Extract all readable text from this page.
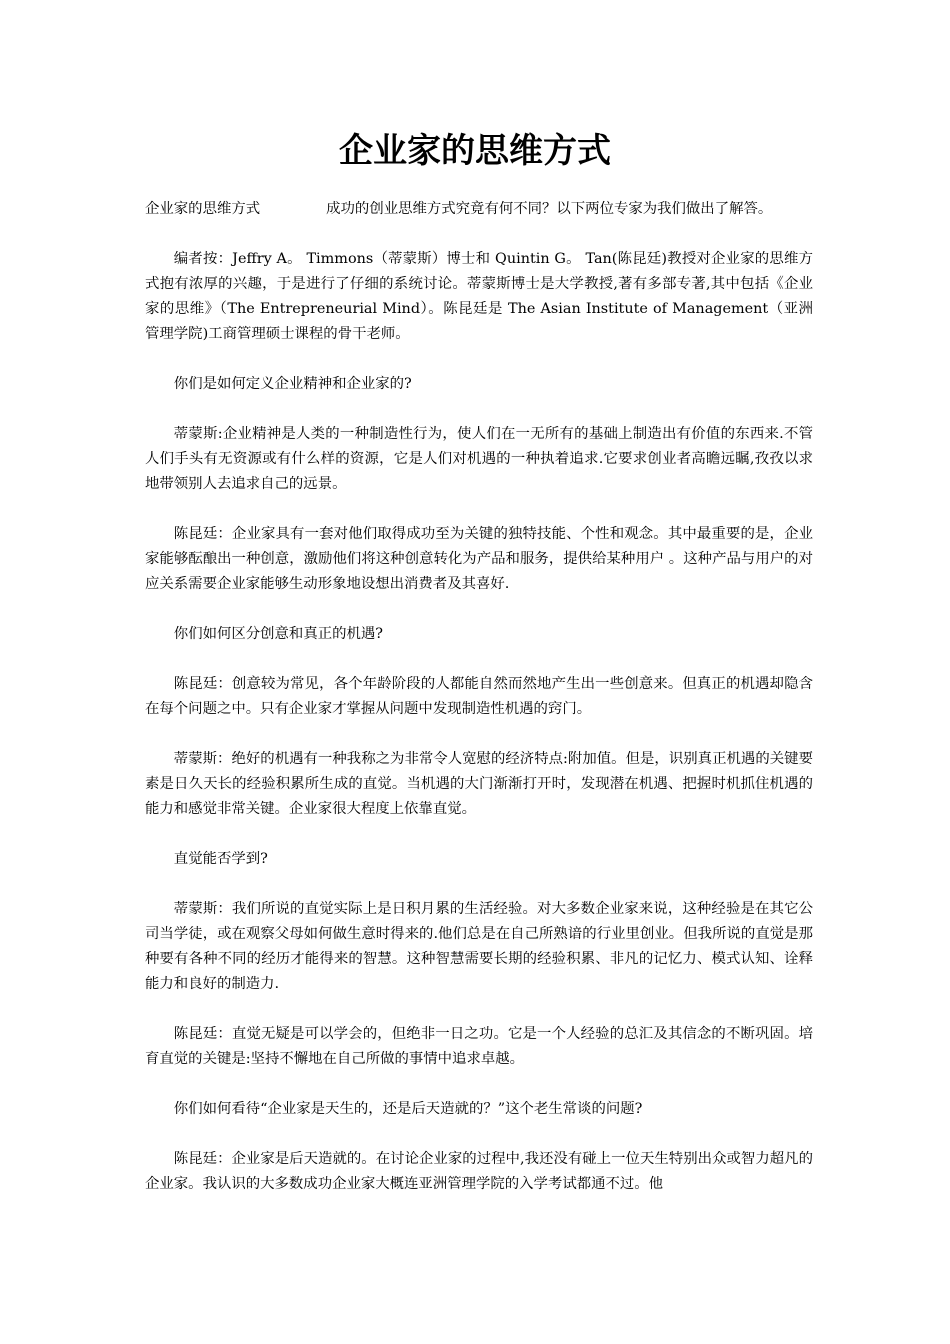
企业家的思维方式

企业家的思维方式	成功的创业思维方式究竟有何不同？以下两位专家为我们做出了解答。

编者按：Jeffry A。 Timmons（蒂蒙斯）博士和 Quintin G。 Tan(陈昆廷)教授对企业家的思维方式抱有浓厚的兴趣，于是进行了仔细的系统讨论。蒂蒙斯博士是大学教授,著有多部专著,其中包括《企业家的思维》（The Entrepreneurial Mind）。陈昆廷是 The Asian Institute of Management（亚洲管理学院)工商管理硕士课程的骨干老师。

你们是如何定义企业精神和企业家的?

蒂蒙斯:企业精神是人类的一种制造性行为，使人们在一无所有的基础上制造出有价值的东西来.不管人们手头有无资源或有什么样的资源，它是人们对机遇的一种执着追求.它要求创业者高瞻远瞩,孜孜以求地带领别人去追求自己的远景。

陈昆廷：企业家具有一套对他们取得成功至为关键的独特技能、个性和观念。其中最重要的是，企业家能够酝酿出一种创意，激励他们将这种创意转化为产品和服务，提供给某种用户 。这种产品与用户的对应关系需要企业家能够生动形象地设想出消费者及其喜好.

你们如何区分创意和真正的机遇?

陈昆廷：创意较为常见，各个年龄阶段的人都能自然而然地产生出一些创意来。但真正的机遇却隐含在每个问题之中。只有企业家才掌握从问题中发现制造性机遇的窍门。

蒂蒙斯：绝好的机遇有一种我称之为非常令人宽慰的经济特点:附加值。但是，识别真正机遇的关键要素是日久天长的经验积累所生成的直觉。当机遇的大门渐渐打开时，发现潜在机遇、把握时机抓住机遇的能力和感觉非常关键。企业家很大程度上依靠直觉。

直觉能否学到?

蒂蒙斯：我们所说的直觉实际上是日积月累的生活经验。对大多数企业家来说，这种经验是在其它公司当学徒，或在观察父母如何做生意时得来的.他们总是在自己所熟谙的行业里创业。但我所说的直觉是那种要有各种不同的经历才能得来的智慧。这种智慧需要长期的经验积累、非凡的记忆力、模式认知、诠释能力和良好的制造力.

陈昆廷：直觉无疑是可以学会的，但绝非一日之功。它是一个人经验的总汇及其信念的不断巩固。培育直觉的关键是:坚持不懈地在自己所做的事情中追求卓越。

你们如何看待“企业家是天生的，还是后天造就的？”这个老生常谈的问题?

陈昆廷：企业家是后天造就的。在讨论企业家的过程中,我还没有碰上一位天生特别出众或智力超凡的企业家。我认识的大多数成功企业家大概连亚洲管理学院的入学考试都通不过。他
